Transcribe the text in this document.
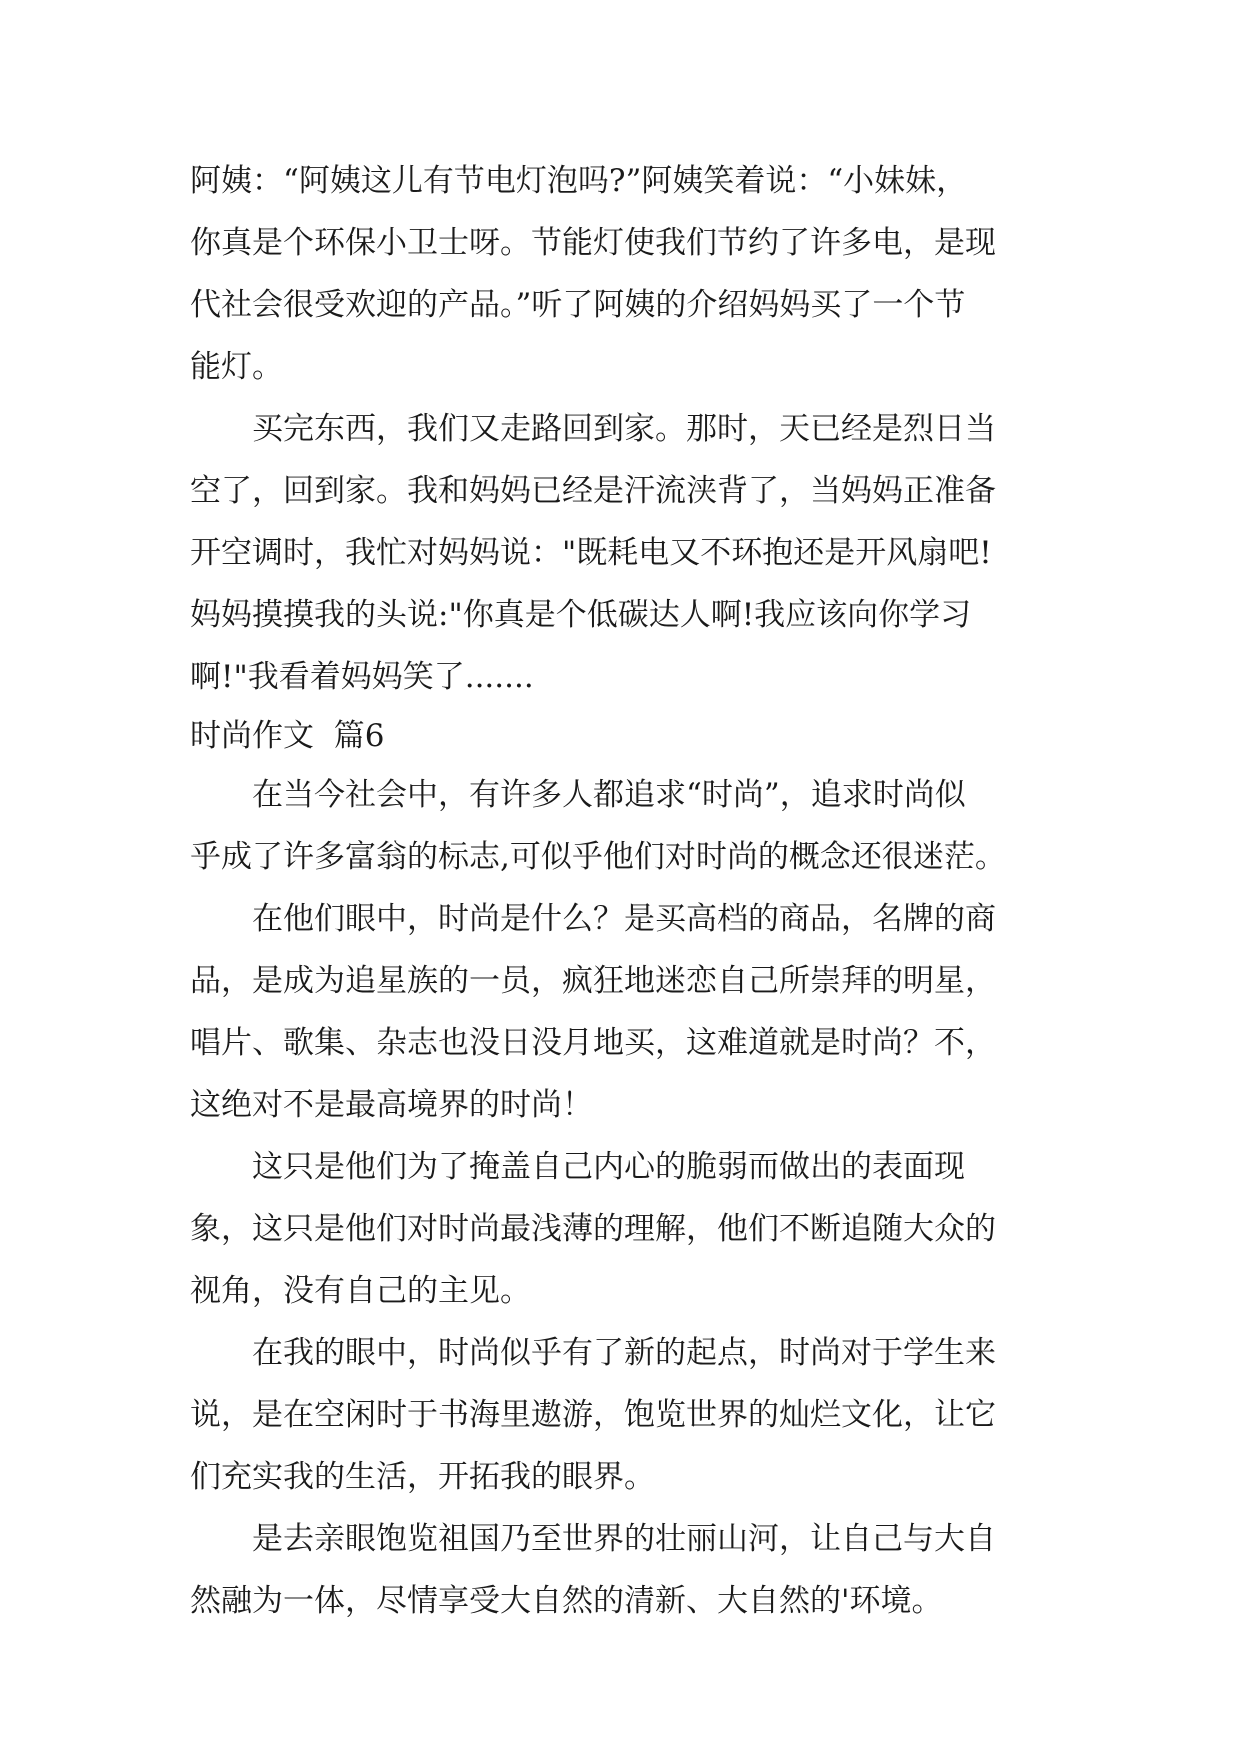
阿姨：“阿姨这儿有节电灯泡吗?”阿姨笑着说：“小妹妹，
你真是个环保小卫士呀。节能灯使我们节约了许多电，是现
代社会很受欢迎的产品。”听了阿姨的介绍妈妈买了一个节
能灯。
　　买完东西，我们又走路回到家。那时，天已经是烈日当
空了，回到家。我和妈妈已经是汗流浃背了，当妈妈正准备
开空调时，我忙对妈妈说："既耗电又不环抱还是开风扇吧!
妈妈摸摸我的头说:"你真是个低碳达人啊!我应该向你学习
啊!"我看着妈妈笑了.......
时尚作文  篇6
　　在当今社会中，有许多人都追求“时尚”，追求时尚似
乎成了许多富翁的标志,可似乎他们对时尚的概念还很迷茫。
　　在他们眼中，时尚是什么？是买高档的商品，名牌的商
品，是成为追星族的一员，疯狂地迷恋自己所崇拜的明星，
唱片、歌集、杂志也没日没月地买，这难道就是时尚？不，
这绝对不是最高境界的时尚！
　　这只是他们为了掩盖自己内心的脆弱而做出的表面现
象，这只是他们对时尚最浅薄的理解，他们不断追随大众的
视角，没有自己的主见。
　　在我的眼中，时尚似乎有了新的起点，时尚对于学生来
说，是在空闲时于书海里遨游，饱览世界的灿烂文化，让它
们充实我的生活，开拓我的眼界。
　　是去亲眼饱览祖国乃至世界的壮丽山河，让自己与大自
然融为一体，尽情享受大自然的清新、大自然的'环境。
